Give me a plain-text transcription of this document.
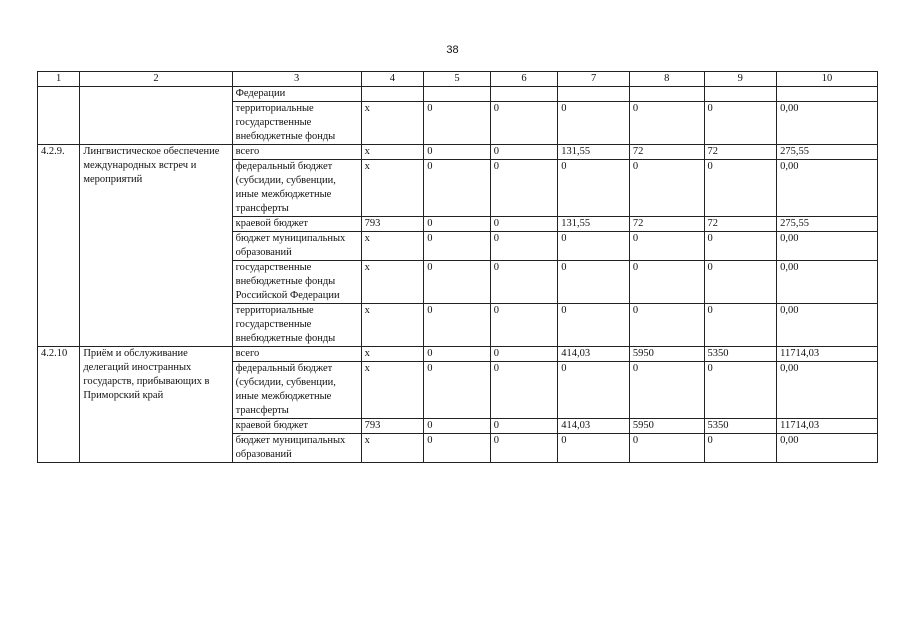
38
1	2	3	4	5	6	7	8	9	10
		Федерации							
		территориальные государственные внебюджетные фонды	x	0	0	0	0	0	0,00
4.2.9.	Лингвистическое обеспечение международных встреч и мероприятий	всего	x	0	0	131,55	72	72	275,55
		федеральный бюджет (субсидии, субвенции, иные межбюджетные трансферты	x	0	0	0	0	0	0,00
		краевой бюджет	793	0	0	131,55	72	72	275,55
		бюджет муниципальных образований	x	0	0	0	0	0	0,00
		государственные внебюджетные фонды Российской Федерации	x	0	0	0	0	0	0,00
		территориальные государственные внебюджетные фонды	x	0	0	0	0	0	0,00
4.2.10	Приём и обслуживание делегаций иностранных государств, прибывающих в Приморский край	всего	x	0	0	414,03	5950	5350	11714,03
		федеральный бюджет (субсидии, субвенции, иные межбюджетные трансферты	x	0	0	0	0	0	0,00
		краевой бюджет	793	0	0	414,03	5950	5350	11714,03
		бюджет муниципальных образований	x	0	0	0	0	0	0,00
